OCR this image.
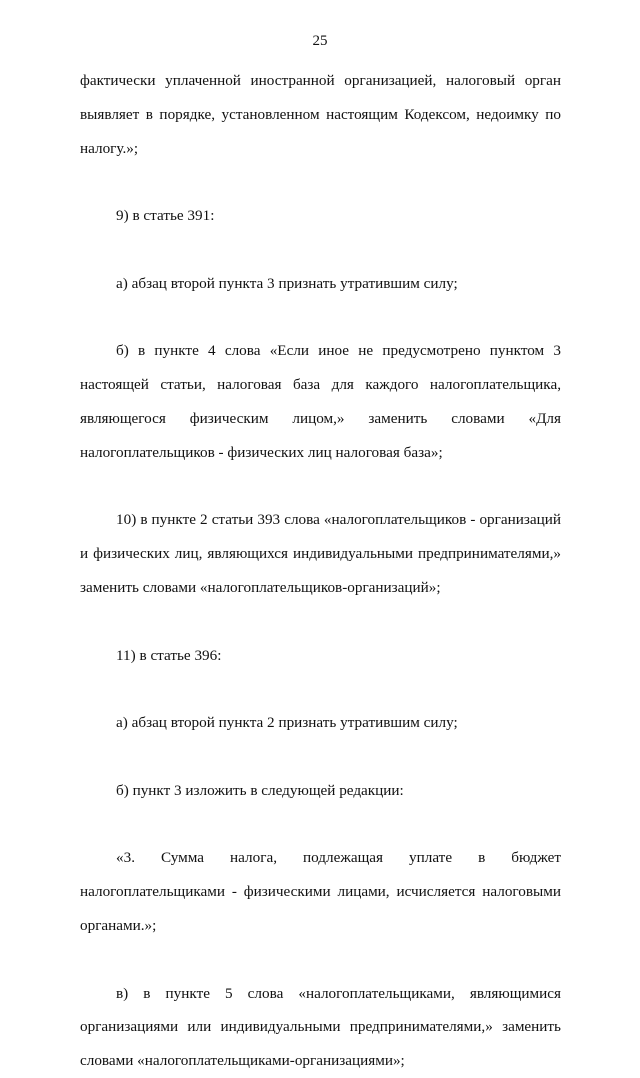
25
фактически уплаченной иностранной организацией, налоговый орган
выявляет в порядке, установленном настоящим Кодексом, недоимку по
налогу.»;
9) в статье 391:
а) абзац второй пункта 3 признать утратившим силу;
б) в пункте 4 слова «Если иное не предусмотрено пунктом 3
настоящей статьи, налоговая база для каждого налогоплательщика,
являющегося физическим лицом,» заменить словами «Для
налогоплательщиков - физических лиц налоговая база»;
10) в пункте 2 статьи 393 слова «налогоплательщиков - организаций
и физических лиц, являющихся индивидуальными предпринимателями,»
заменить словами «налогоплательщиков-организаций»;
11) в статье 396:
а) абзац второй пункта 2 признать утратившим силу;
б) пункт 3 изложить в следующей редакции:
«3. Сумма налога, подлежащая уплате в бюджет
налогоплательщиками - физическими лицами, исчисляется налоговыми
органами.»;
в) в пункте 5 слова «налогоплательщиками, являющимися
организациями или индивидуальными предпринимателями,» заменить
словами «налогоплательщиками-организациями»;
